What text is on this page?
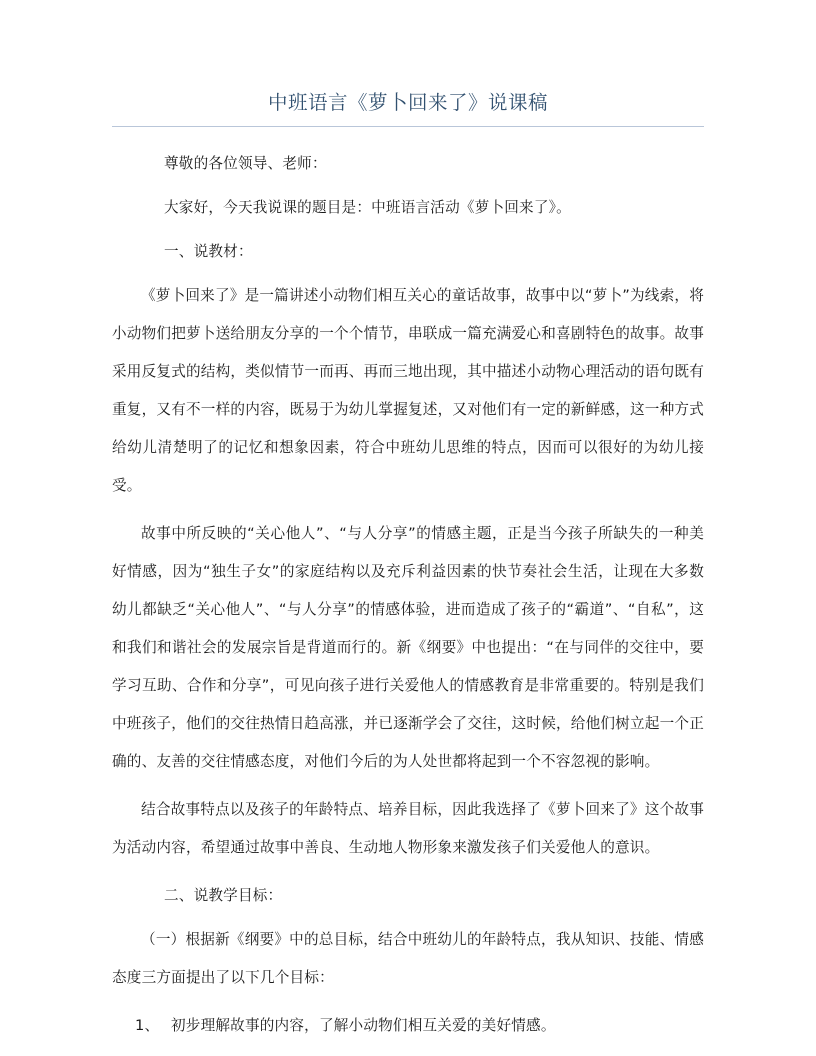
中班语言《萝卜回来了》说课稿

尊敬的各位领导、老师：

大家好，今天我说课的题目是：中班语言活动《萝卜回来了》。

一、说教材：

《萝卜回来了》是一篇讲述小动物们相互关心的童话故事，故事中以“萝卜”为线索，将小动物们把萝卜送给朋友分享的一个个情节，串联成一篇充满爱心和喜剧特色的故事。故事采用反复式的结构，类似情节一而再、再而三地出现，其中描述小动物心理活动的语句既有重复，又有不一样的内容，既易于为幼儿掌握复述，又对他们有一定的新鲜感，这一种方式给幼儿清楚明了的记忆和想象因素，符合中班幼儿思维的特点，因而可以很好的为幼儿接受。

故事中所反映的“关心他人”、“与人分享”的情感主题，正是当今孩子所缺失的一种美好情感，因为“独生子女”的家庭结构以及充斥利益因素的快节奏社会生活，让现在大多数幼儿都缺乏“关心他人”、“与人分享”的情感体验，进而造成了孩子的“霸道”、“自私”，这和我们和谐社会的发展宗旨是背道而行的。新《纲要》中也提出：“在与同伴的交往中，要学习互助、合作和分享”，可见向孩子进行关爱他人的情感教育是非常重要的。特别是我们中班孩子，他们的交往热情日趋高涨，并已逐渐学会了交往，这时候，给他们树立起一个正确的、友善的交往情感态度，对他们今后的为人处世都将起到一个不容忽视的影响。

结合故事特点以及孩子的年龄特点、培养目标，因此我选择了《萝卜回来了》这个故事为活动内容，希望通过故事中善良、生动地人物形象来激发孩子们关爱他人的意识。

二、说教学目标：

（一）根据新《纲要》中的总目标，结合中班幼儿的年龄特点，我从知识、技能、情感态度三方面提出了以下几个目标：

1、 初步理解故事的内容，了解小动物们相互关爱的美好情感。
